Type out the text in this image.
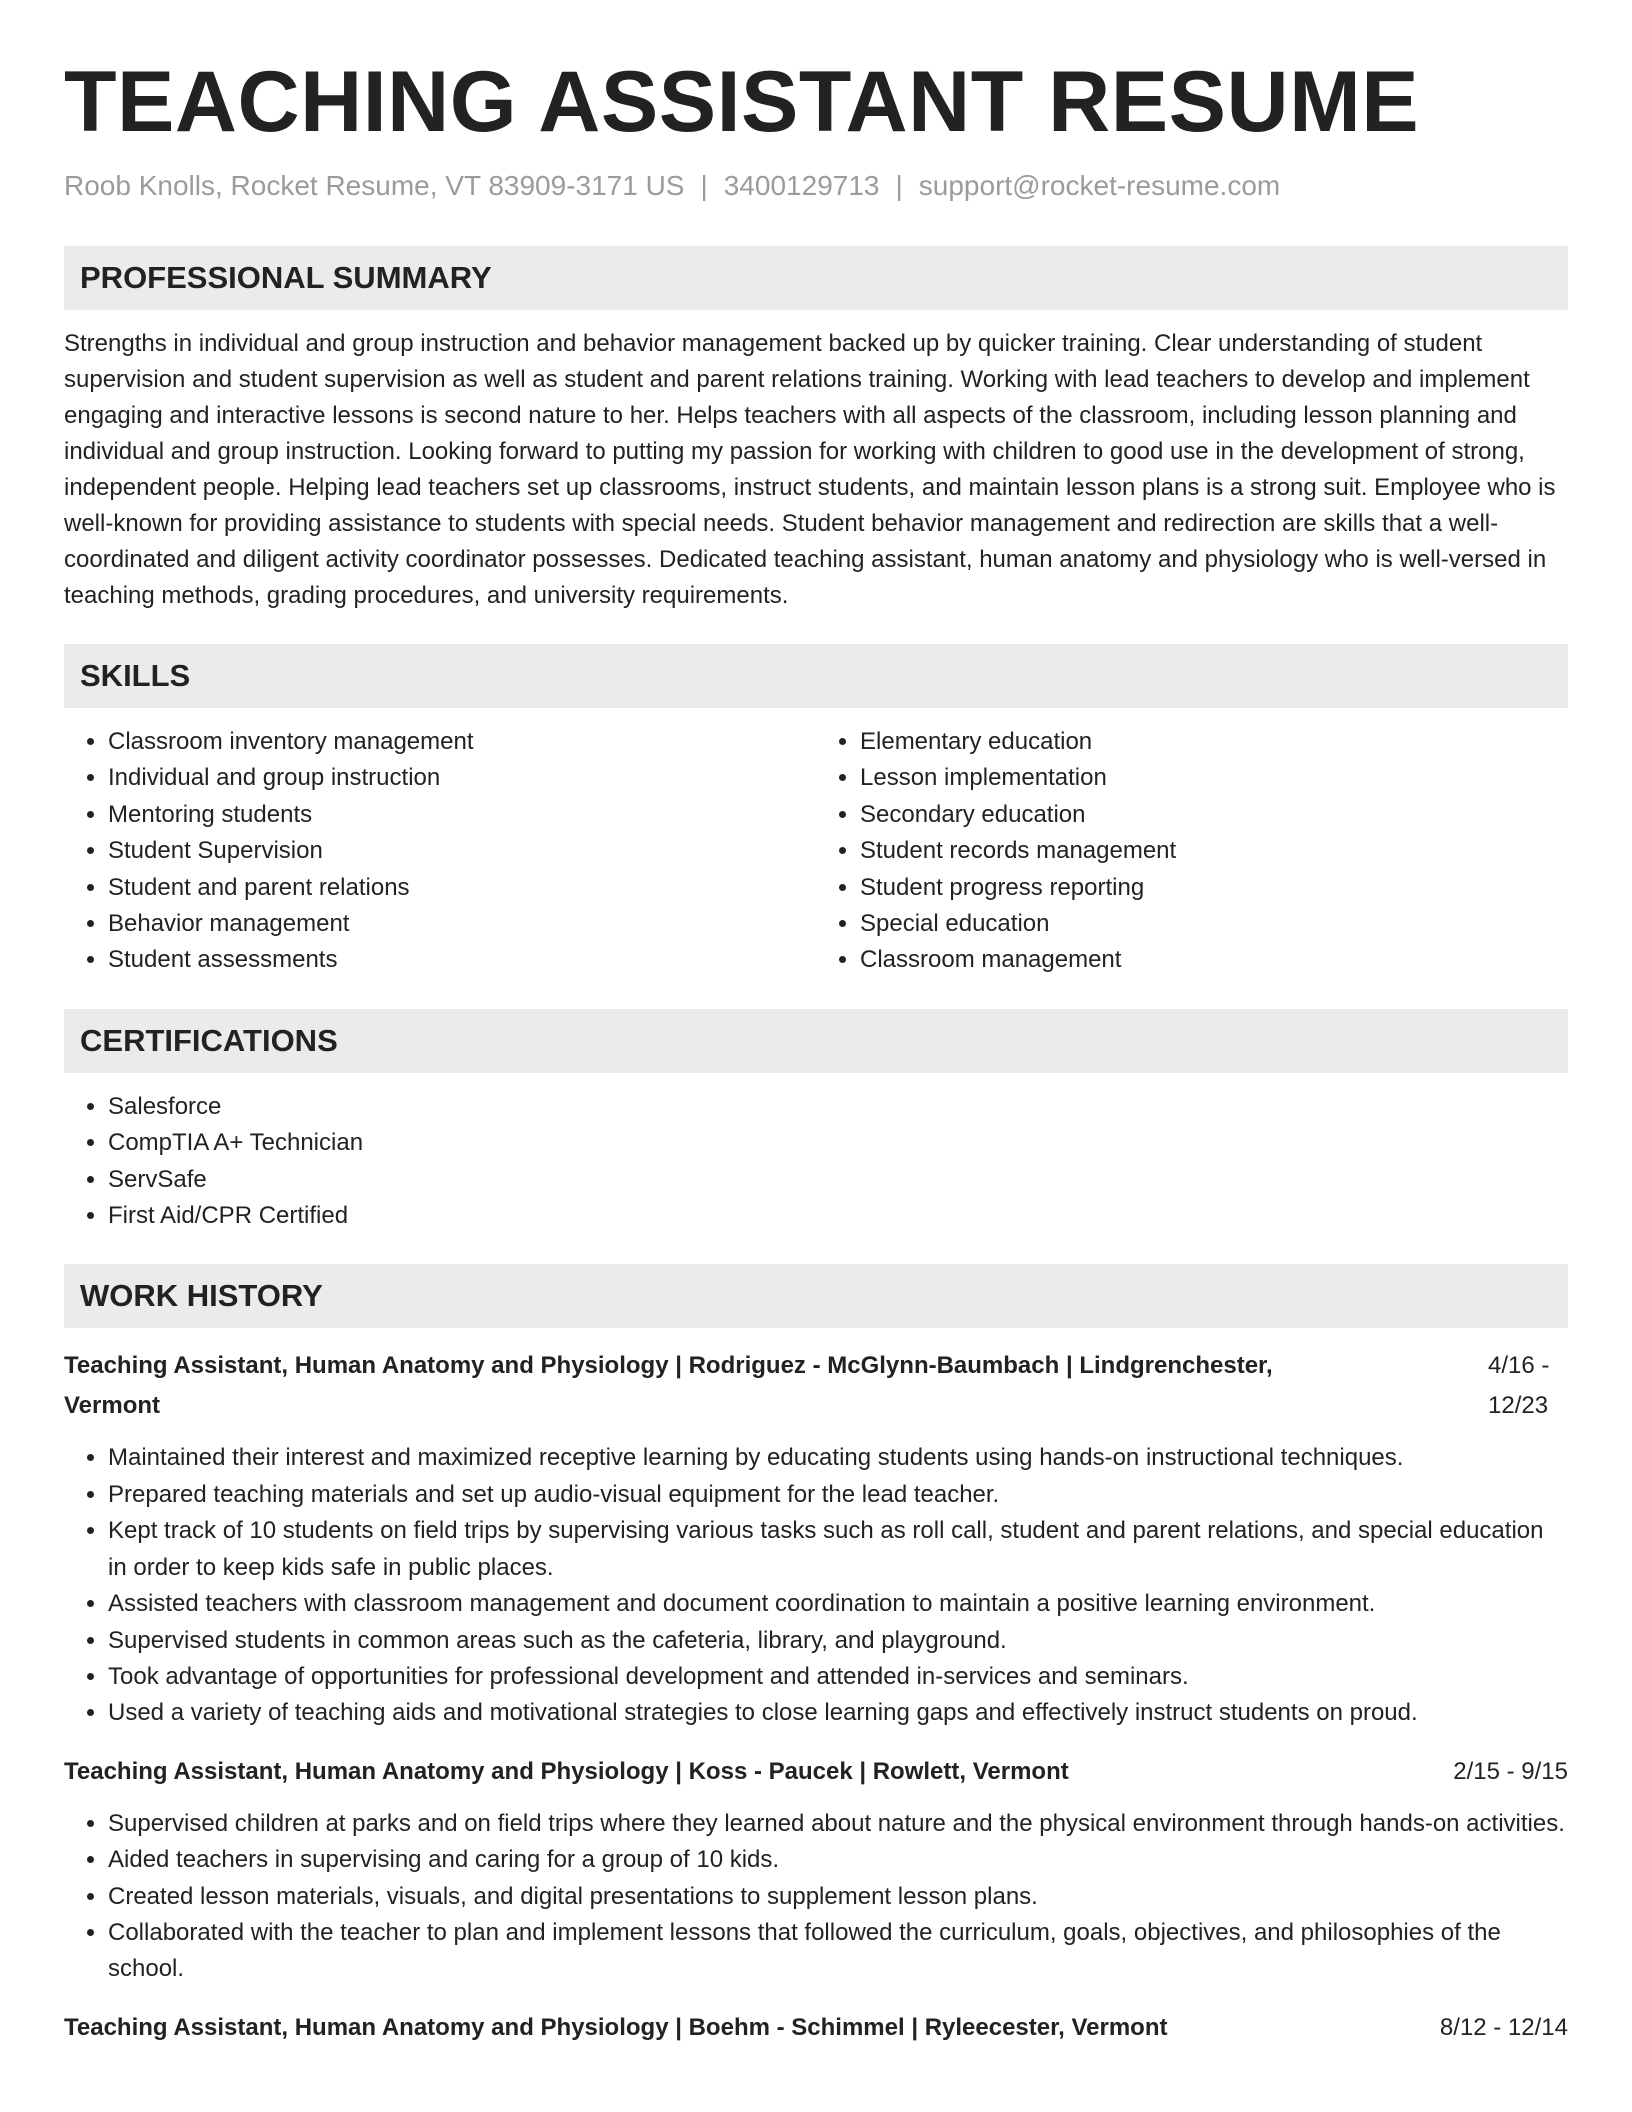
TEACHING ASSISTANT RESUME
Roob Knolls, Rocket Resume, VT 83909-3171 US | 3400129713 | support@rocket-resume.com
PROFESSIONAL SUMMARY

Strengths in individual and group instruction and behavior management backed up by quicker training. Clear understanding of student supervision and student supervision as well as student and parent relations training. Working with lead teachers to develop and implement engaging and interactive lessons is second nature to her. Helps teachers with all aspects of the classroom, including lesson planning and individual and group instruction. Looking forward to putting my passion for working with children to good use in the development of strong, independent people. Helping lead teachers set up classrooms, instruct students, and maintain lesson plans is a strong suit. Employee who is well-known for providing assistance to students with special needs. Student behavior management and redirection are skills that a well-coordinated and diligent activity coordinator possesses. Dedicated teaching assistant, human anatomy and physiology who is well-versed in teaching methods, grading procedures, and university requirements.

SKILLS
• Classroom inventory management
• Individual and group instruction
• Mentoring students
• Student Supervision
• Student and parent relations
• Behavior management
• Student assessments
• Elementary education
• Lesson implementation
• Secondary education
• Student records management
• Student progress reporting
• Special education
• Classroom management
CERTIFICATIONS
• Salesforce
• CompTIA A+ Technician
• ServSafe
• First Aid/CPR Certified
WORK HISTORY
Teaching Assistant, Human Anatomy and Physiology | Rodriguez - McGlynn-Baumbach | Lindgrenchester, Vermont
4/16 - 12/23
• Maintained their interest and maximized receptive learning by educating students using hands-on instructional techniques.
• Prepared teaching materials and set up audio-visual equipment for the lead teacher.
• Kept track of 10 students on field trips by supervising various tasks such as roll call, student and parent relations, and special education in order to keep kids safe in public places.
• Assisted teachers with classroom management and document coordination to maintain a positive learning environment.
• Supervised students in common areas such as the cafeteria, library, and playground.
• Took advantage of opportunities for professional development and attended in-services and seminars.
• Used a variety of teaching aids and motivational strategies to close learning gaps and effectively instruct students on proud.
Teaching Assistant, Human Anatomy and Physiology | Koss - Paucek | Rowlett, Vermont	2/15 - 9/15
• Supervised children at parks and on field trips where they learned about nature and the physical environment through hands-on activities.
• Aided teachers in supervising and caring for a group of 10 kids.
• Created lesson materials, visuals, and digital presentations to supplement lesson plans.
• Collaborated with the teacher to plan and implement lessons that followed the curriculum, goals, objectives, and philosophies of the school.
Teaching Assistant, Human Anatomy and Physiology | Boehm - Schimmel | Ryleecester, Vermont	8/12 - 12/14
